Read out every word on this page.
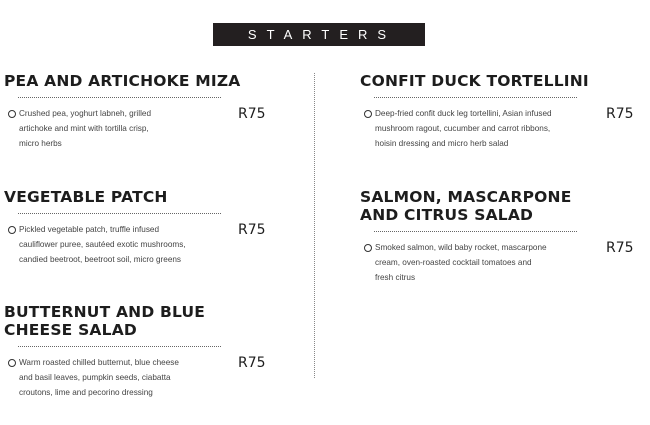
STARTERS
PEA AND ARTICHOKE MIZA
Crushed pea, yoghurt labneh, grilled
artichoke and mint with tortilla crisp,
micro herbs
R75
VEGETABLE PATCH
Pickled vegetable patch, truffle infused
cauliflower puree, sautéed exotic mushrooms,
candied beetroot, beetroot soil, micro greens
R75
BUTTERNUT AND BLUE
CHEESE SALAD
Warm roasted chilled butternut, blue cheese
and basil leaves, pumpkin seeds, ciabatta
croutons, lime and pecorino dressing
R75
CONFIT DUCK TORTELLINI
Deep-fried confit duck leg tortellini, Asian infused
mushroom ragout, cucumber and carrot ribbons,
hoisin dressing and micro herb salad
R75
SALMON, MASCARPONE
AND CITRUS SALAD
Smoked salmon, wild baby rocket, mascarpone
cream, oven-roasted cocktail tomatoes and
fresh citrus
R75
